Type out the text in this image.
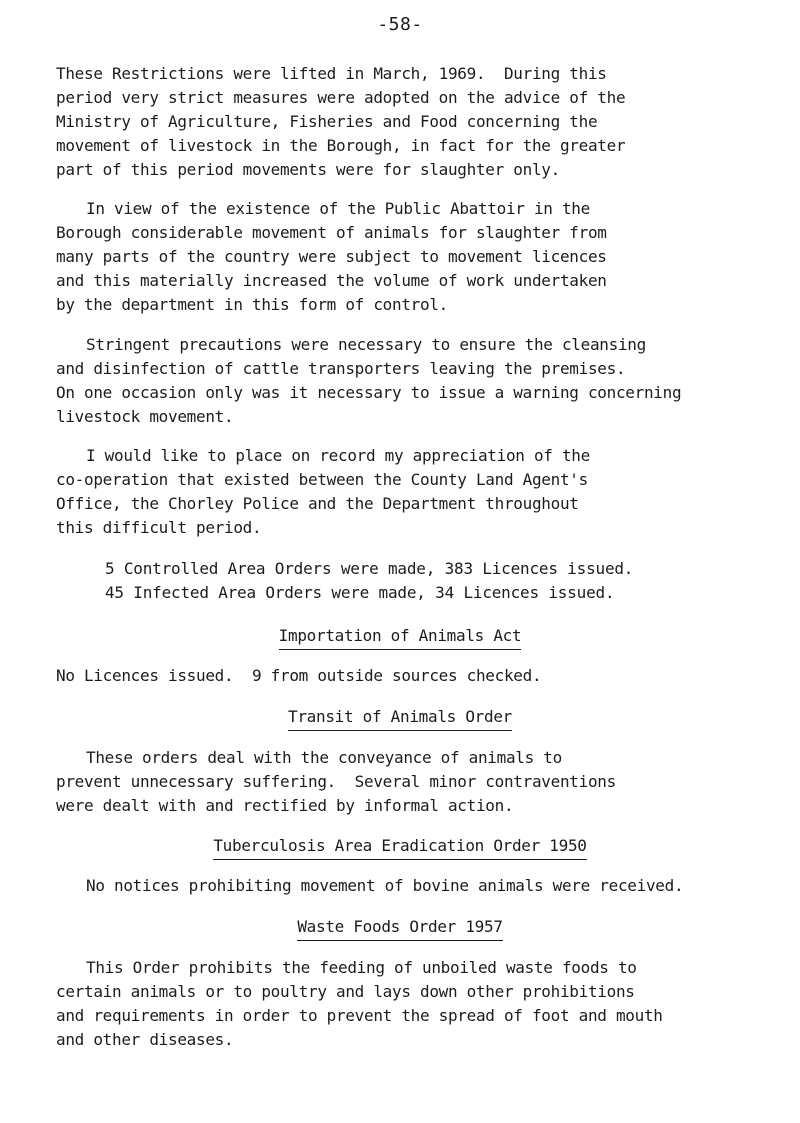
-58-
These Restrictions were lifted in March, 1969.  During this
period very strict measures were adopted on the advice of the
Ministry of Agriculture, Fisheries and Food concerning the
movement of livestock in the Borough, in fact for the greater
part of this period movements were for slaughter only.
In view of the existence of the Public Abattoir in the
Borough considerable movement of animals for slaughter from
many parts of the country were subject to movement licences
and this materially increased the volume of work undertaken
by the department in this form of control.
Stringent precautions were necessary to ensure the cleansing
and disinfection of cattle transporters leaving the premises.
On one occasion only was it necessary to issue a warning concerning
livestock movement.
I would like to place on record my appreciation of the
co-operation that existed between the County Land Agent's
Office, the Chorley Police and the Department throughout
this difficult period.
5 Controlled Area Orders were made, 383 Licences issued.
45 Infected Area Orders were made, 34 Licences issued.
Importation of Animals Act
No Licences issued.  9 from outside sources checked.
Transit of Animals Order
These orders deal with the conveyance of animals to
prevent unnecessary suffering.  Several minor contraventions
were dealt with and rectified by informal action.
Tuberculosis Area Eradication Order 1950
No notices prohibiting movement of bovine animals were received.
Waste Foods Order 1957
This Order prohibits the feeding of unboiled waste foods to
certain animals or to poultry and lays down other prohibitions
and requirements in order to prevent the spread of foot and mouth
and other diseases.
